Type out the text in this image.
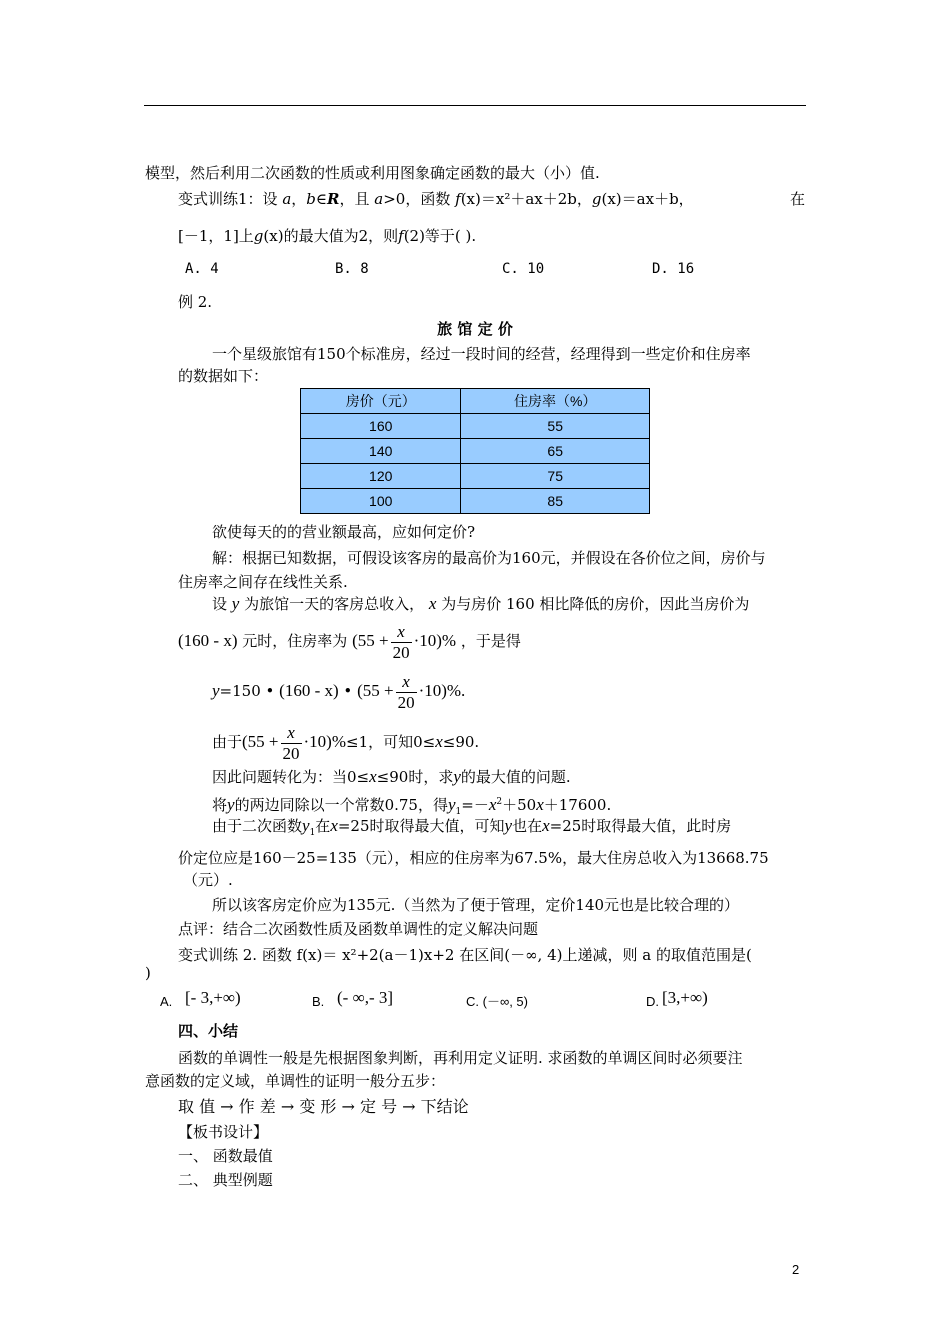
模型，然后利用二次函数的性质或利用图象确定函数的最大（小）值.
变式训练1：设 a，b∈R，且 a>0，函数 f(x)＝x²＋ax＋2b，g(x)＝ax＋b，	在
[－1，1]上g(x)的最大值为2，则f(2)等于( ).
A. 4	B. 8	C. 10	D. 16
例 2.
旅 馆 定 价
一个星级旅馆有150个标准房，经过一段时间的经营，经理得到一些定价和住房率
的数据如下：
房价（元）	住房率（%）
160	55
140	65
120	75
100	85
欲使每天的的营业额最高，应如何定价?
解：根据已知数据，可假设该客房的最高价为160元，并假设在各价位之间，房价与
住房率之间存在线性关系.
设 y 为旅馆一天的客房总收入， x 为与房价 160 相比降低的房价，因此当房价为
(160 - x) 元时，住房率为 $(55 + \frac{x}{20} \cdot 10)\%$ ，于是得
y=150 • (160 - x) • $(55 + \frac{x}{20} \cdot 10)\%$.
由于$(55 + \frac{x}{20} \cdot 10)\%\le 1$，可知0≤x≤90.
因此问题转化为：当0≤x≤90时，求y的最大值的问题.
将y的两边同除以一个常数0.75，得$y_1=-x^2+50x+17600$.
由于二次函数$y_1$在x=25时取得最大值，可知y也在x=25时取得最大值，此时房
价定位应是160－25=135（元），相应的住房率为67.5%，最大住房总收入为13668.75
（元）.
所以该客房定价应为135元.（当然为了便于管理，定价140元也是比较合理的）
点评：结合二次函数性质及函数单调性的定义解决问题
变式训练 2. 函数 f(x)＝ x²+2(a－1)x+2 在区间(－∞, 4)上递减，则 a 的取值范围是(
)
A. [- 3,+∞)	B. (- ∞,- 3]	C. (－∞, 5)	D. [3,+∞)
四、小结
函数的单调性一般是先根据图象判断，再利用定义证明. 求函数的单调区间时必须要注
意函数的定义域，单调性的证明一般分五步：
取 值 → 作 差 → 变 形 → 定 号 → 下结论
【板书设计】
一、 函数最值
二、 典型例题
2
